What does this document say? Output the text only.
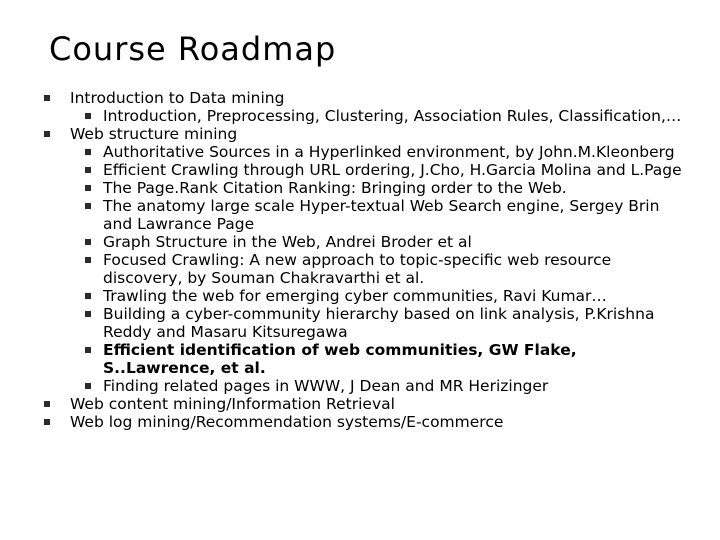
Course Roadmap
Introduction to Data mining
Introduction, Preprocessing, Clustering, Association Rules, Classification,…
Web structure mining
Authoritative Sources in a Hyperlinked environment, by John.M.Kleonberg
Efficient Crawling through URL ordering, J.Cho, H.Garcia Molina and L.Page
The Page.Rank Citation Ranking: Bringing order to the Web.
The anatomy large scale Hyper-textual Web Search engine, Sergey Brin and Lawrance Page
Graph Structure in the Web, Andrei Broder et al
Focused Crawling: A new approach to topic-specific web resource discovery, by Souman Chakravarthi et al.
Trawling the web for emerging cyber communities, Ravi Kumar…
Building a cyber-community hierarchy based on link analysis, P.Krishna Reddy and Masaru Kitsuregawa
Efficient identification of web communities, GW Flake, S..Lawrence, et al.
Finding related pages in WWW, J Dean and MR Herizinger
Web content mining/Information Retrieval
Web log mining/Recommendation systems/E-commerce
